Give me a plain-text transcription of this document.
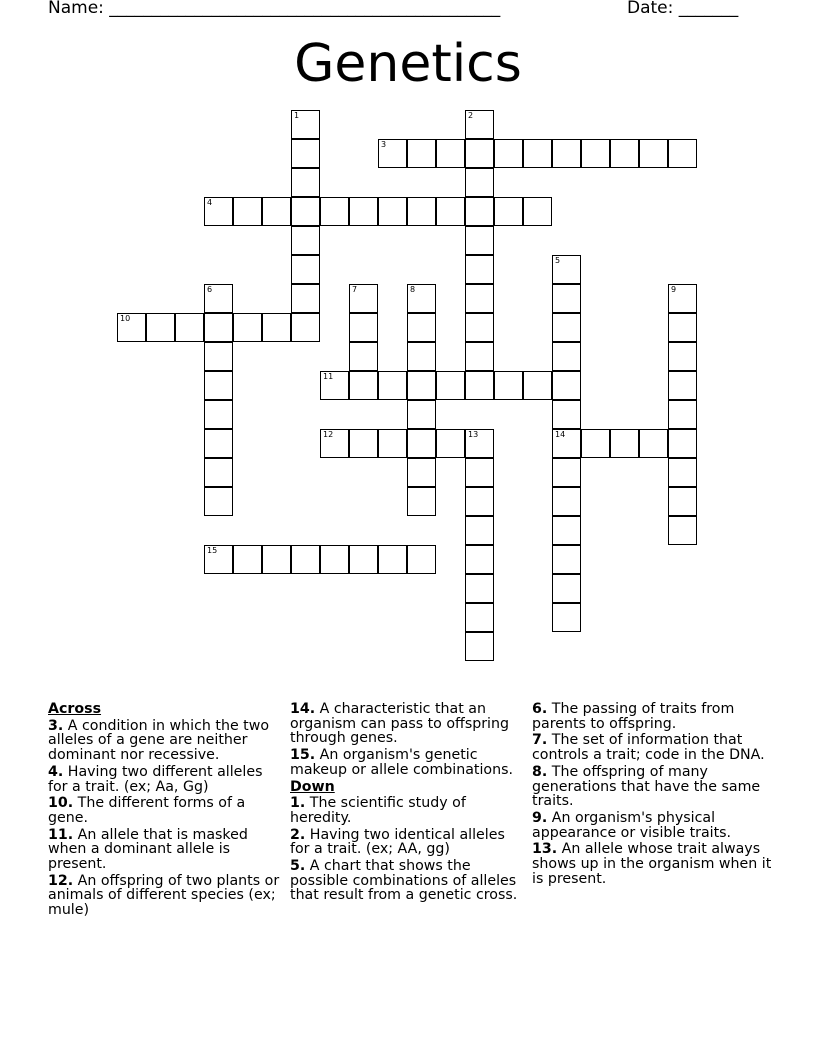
Name: ______________________________________________	Date: _______
Genetics
3
4
10
11
12	13	14
15
1	2
5
6	7	8	9
Across
3. A condition in which the two alleles of a gene are neither dominant nor recessive.
4. Having two different alleles for a trait. (ex; Aa, Gg)
10. The different forms of a gene.
11. An allele that is masked when a dominant allele is present.
12. An offspring of two plants or animals of different species (ex; mule)
14. A characteristic that an organism can pass to offspring through genes.
15. An organism's genetic makeup or allele combinations.
Down
1. The scientific study of heredity.
2. Having two identical alleles for a trait. (ex; AA, gg)
5. A chart that shows the possible combinations of alleles that result from a genetic cross.
6. The passing of traits from parents to offspring.
7. The set of information that controls a trait; code in the DNA.
8. The offspring of many generations that have the same traits.
9. An organism's physical appearance or visible traits.
13. An allele whose trait always shows up in the organism when it is present.
